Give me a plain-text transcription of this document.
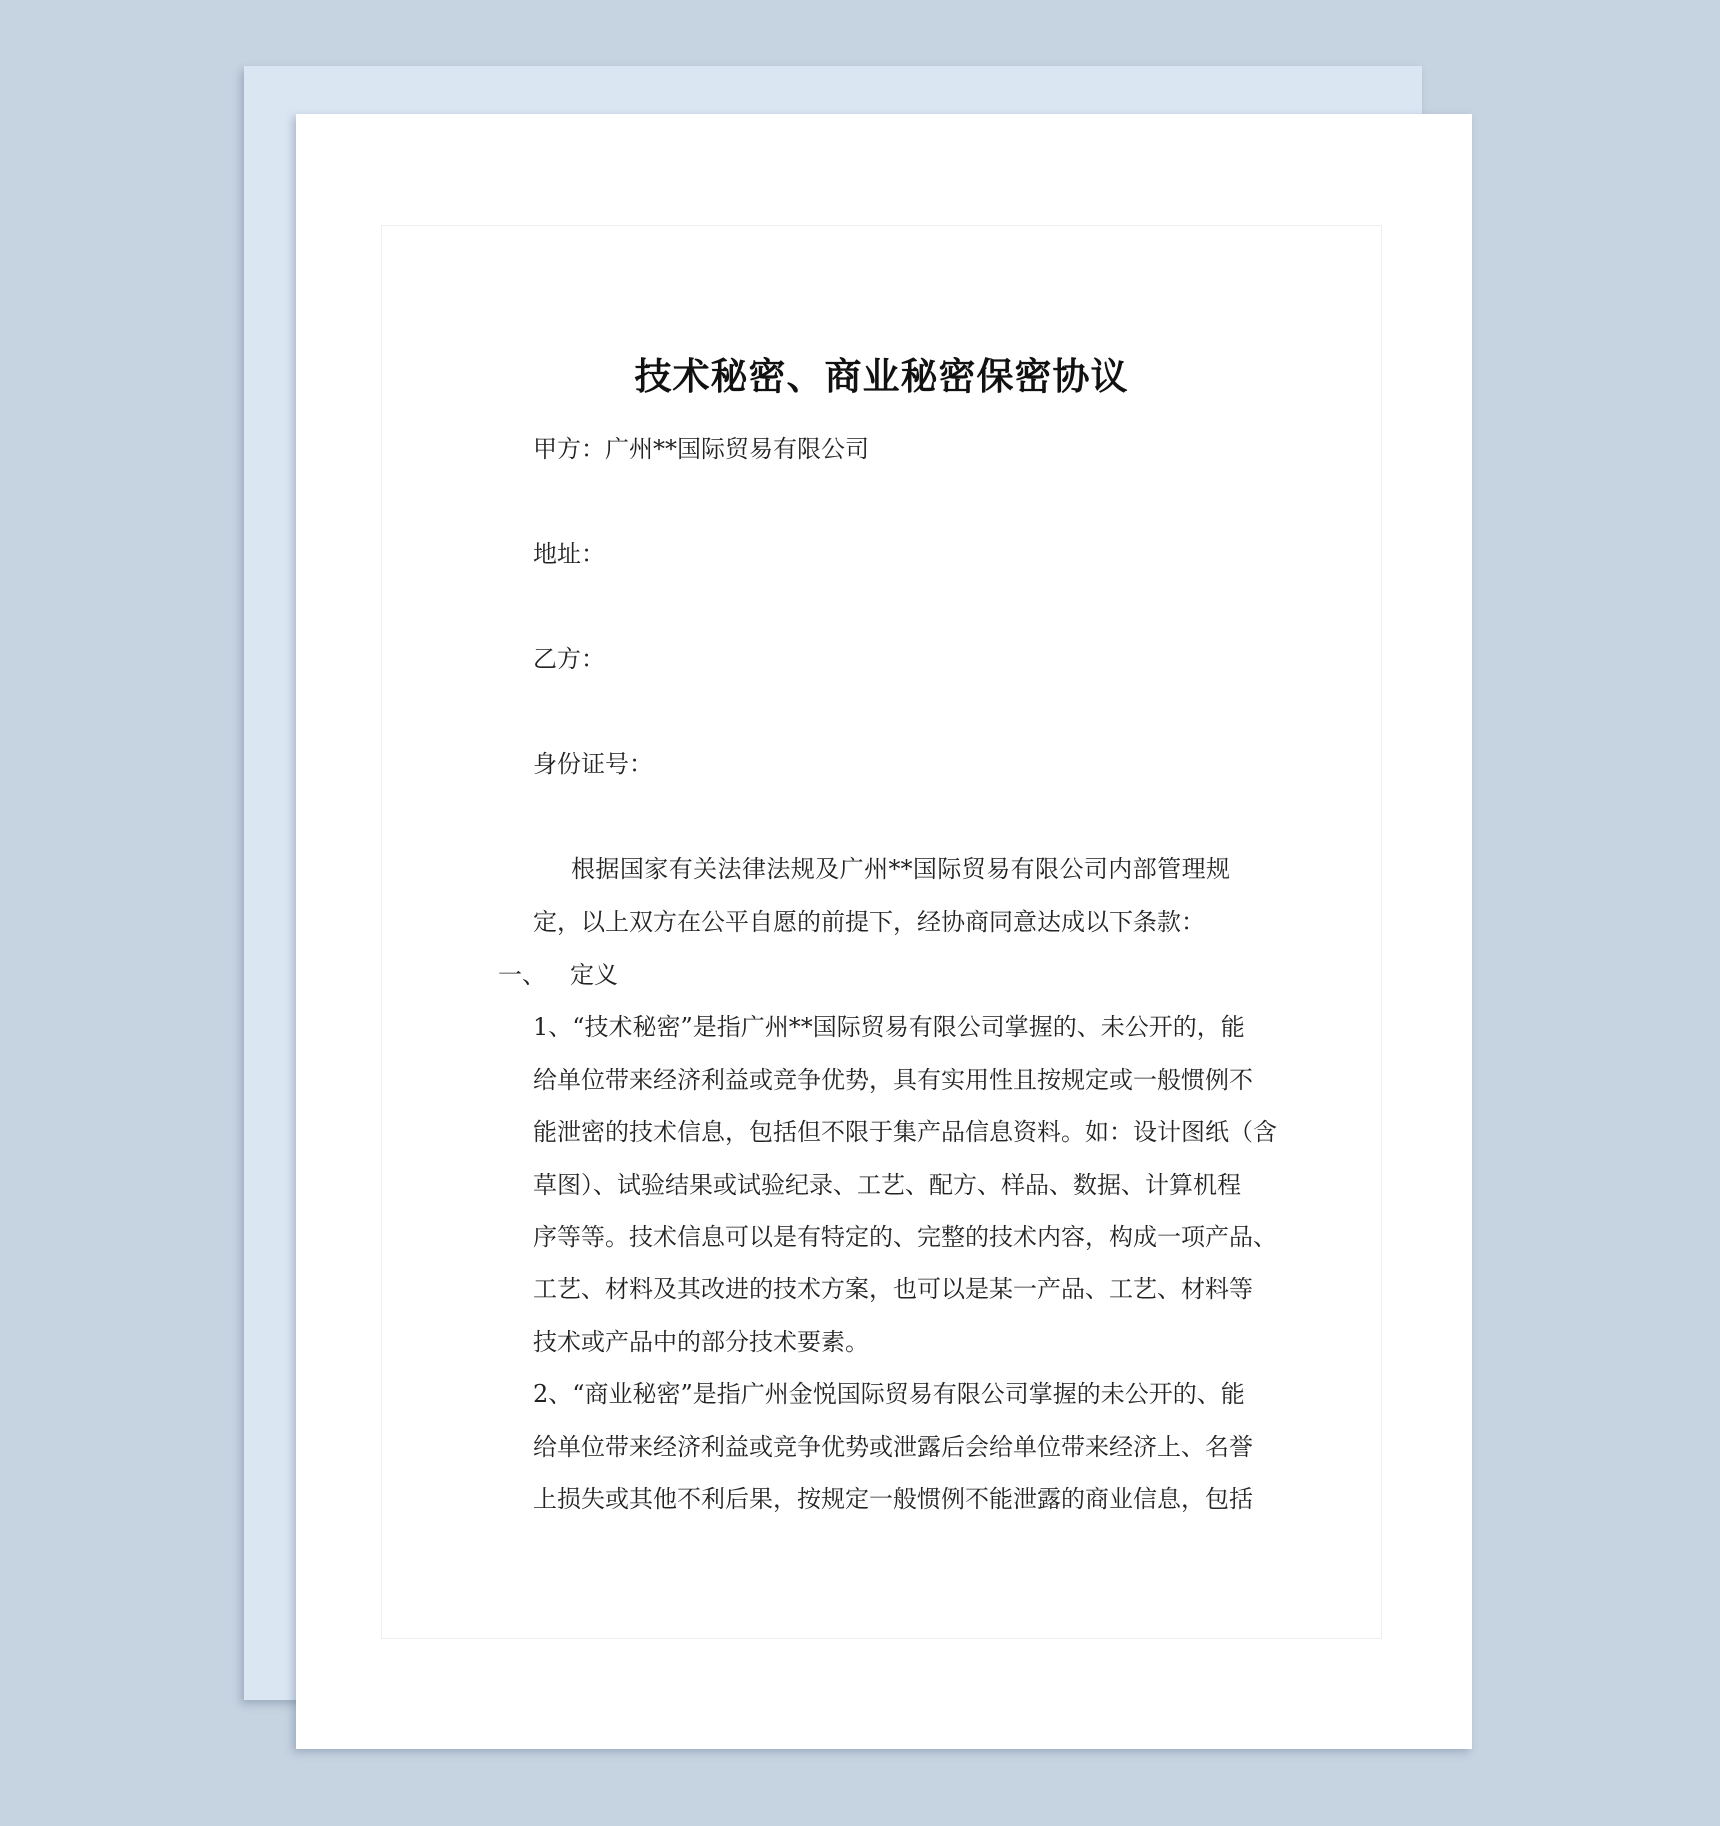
技术秘密、商业秘密保密协议
甲方：广州**国际贸易有限公司
地址：
乙方：
身份证号：
根据国家有关法律法规及广州**国际贸易有限公司内部管理规
定，以上双方在公平自愿的前提下，经协商同意达成以下条款：
一、 定义
1、“技术秘密”是指广州**国际贸易有限公司掌握的、未公开的，能
给单位带来经济利益或竞争优势，具有实用性且按规定或一般惯例不
能泄密的技术信息，包括但不限于集产品信息资料。如：设计图纸（含
草图）、试验结果或试验纪录、工艺、配方、样品、数据、计算机程
序等等。技术信息可以是有特定的、完整的技术内容，构成一项产品、
工艺、材料及其改进的技术方案，也可以是某一产品、工艺、材料等
技术或产品中的部分技术要素。
2、“商业秘密”是指广州金悦国际贸易有限公司掌握的未公开的、能
给单位带来经济利益或竞争优势或泄露后会给单位带来经济上、名誉
上损失或其他不利后果，按规定一般惯例不能泄露的商业信息，包括
